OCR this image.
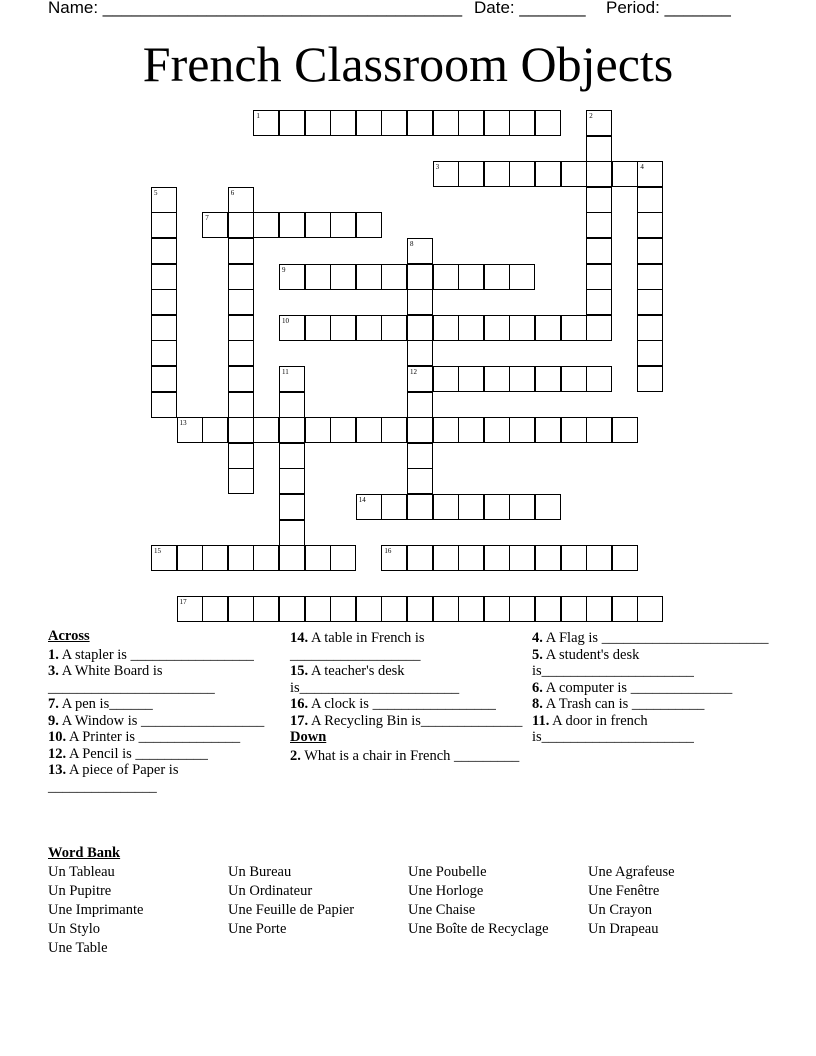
Name: ______________________________________

Date: _______

Period: _______

French Classroom Objects
1	2
3	4
5	6
7
8
12
9
10
11
13
14
15	16
17
Across
1. A stapler is _________________
3. A White Board is _______________________
7. A pen is______
9. A Window is _________________
10. A Printer is ______________
12. A Pencil is __________
13. A piece of Paper is _______________
14. A table in French is __________________
15. A teacher's desk is______________________
16. A clock is _________________
17. A Recycling Bin is______________
Down
2. What is a chair in French _________
4. A Flag is _______________________
5. A student's desk is_____________________
6. A computer is ______________
8. A Trash can is __________
11. A door in french is_____________________
Word Bank
Un Tableau
Un Pupitre
Une Imprimante
Un Stylo
Une Table
Un Bureau
Un Ordinateur
Une Feuille de Papier
Une Porte
Une Poubelle
Une Horloge
Une Chaise
Une Boîte de Recyclage
Une Agrafeuse
Une Fenêtre
Un Crayon
Un Drapeau
